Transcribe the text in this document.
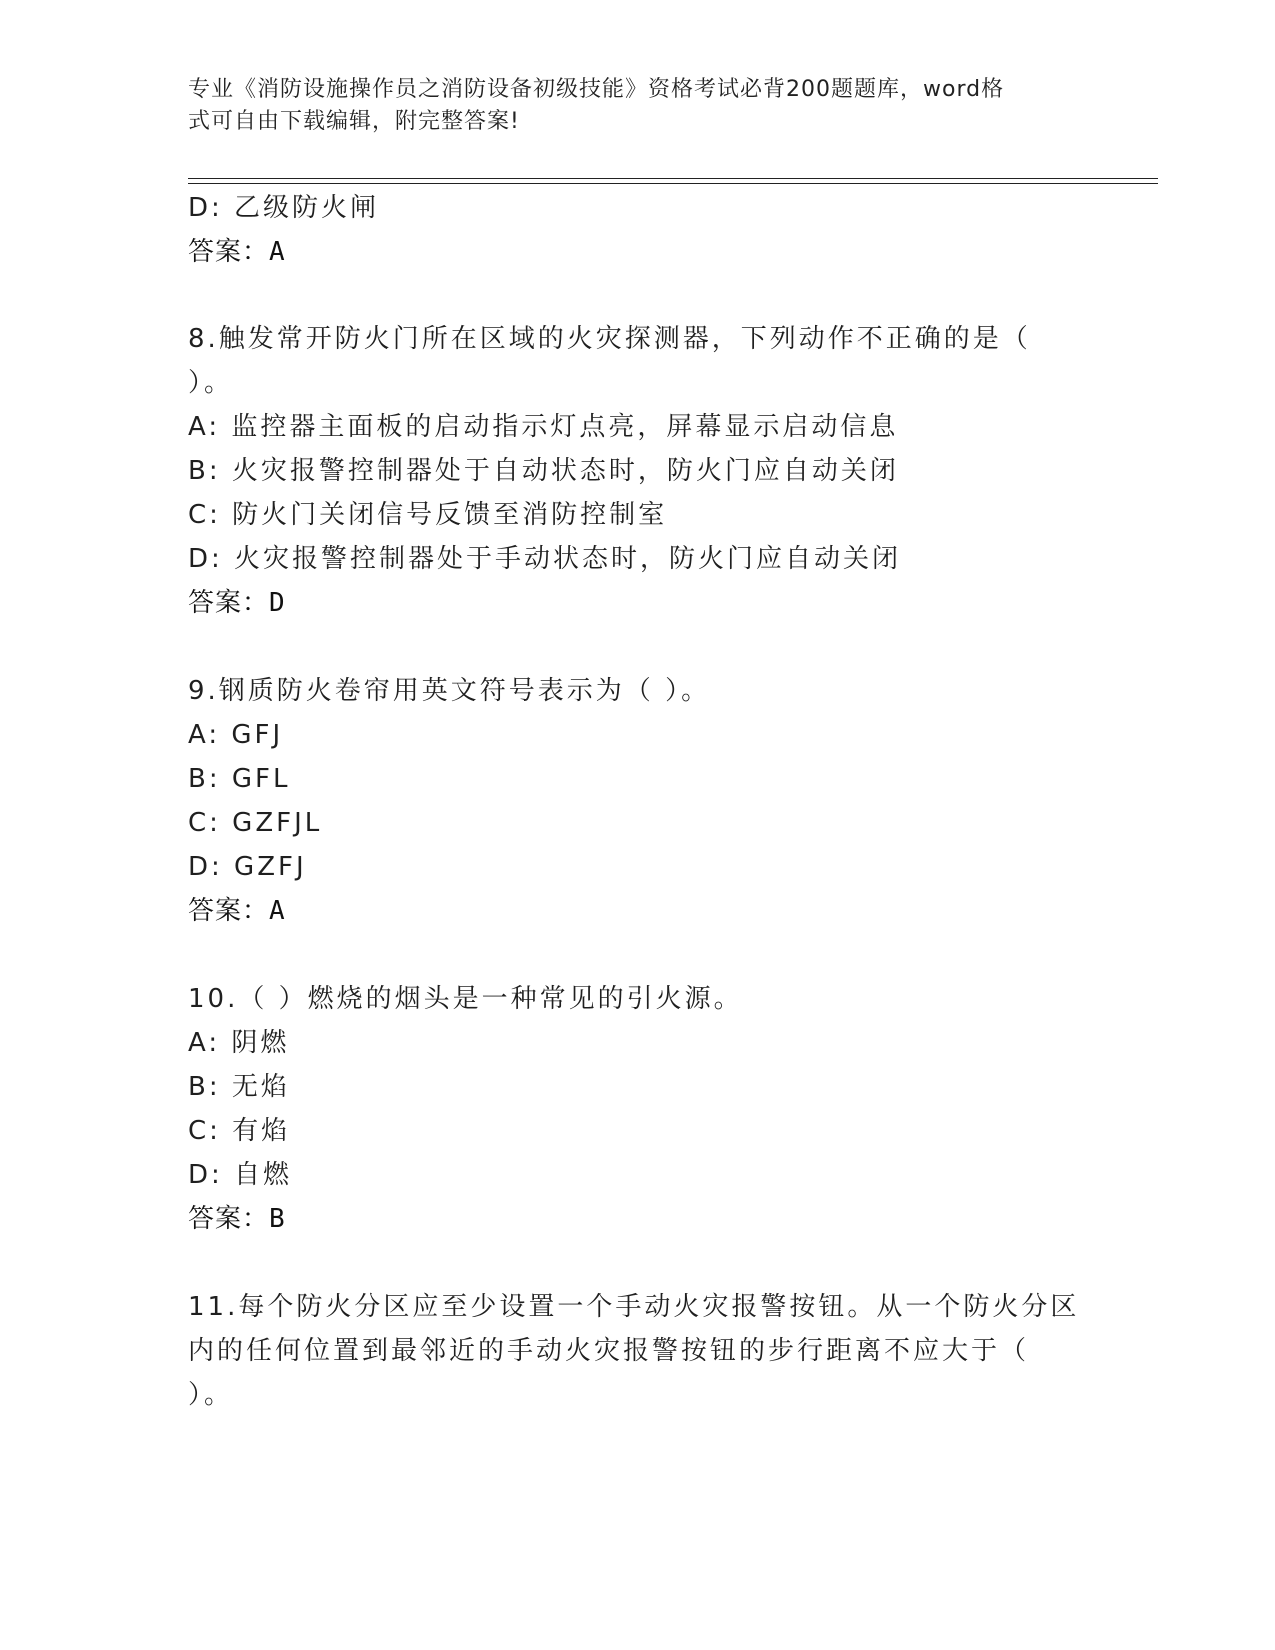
专业《消防设施操作员之消防设备初级技能》资格考试必背200题题库，word格
式可自由下载编辑，附完整答案!
D: 乙级防火闸
答案：A
8.触发常开防火门所在区域的火灾探测器，下列动作不正确的是（
）。
A: 监控器主面板的启动指示灯点亮，屏幕显示启动信息
B: 火灾报警控制器处于自动状态时，防火门应自动关闭
C: 防火门关闭信号反馈至消防控制室
D: 火灾报警控制器处于手动状态时，防火门应自动关闭
答案：D
9.钢质防火卷帘用英文符号表示为（ ）。
A: GFJ
B: GFL
C: GZFJL
D: GZFJ
答案：A
10.（ ）燃烧的烟头是一种常见的引火源。
A: 阴燃
B: 无焰
C: 有焰
D: 自燃
答案：B
11.每个防火分区应至少设置一个手动火灾报警按钮。从一个防火分区
内的任何位置到最邻近的手动火灾报警按钮的步行距离不应大于（
）。
